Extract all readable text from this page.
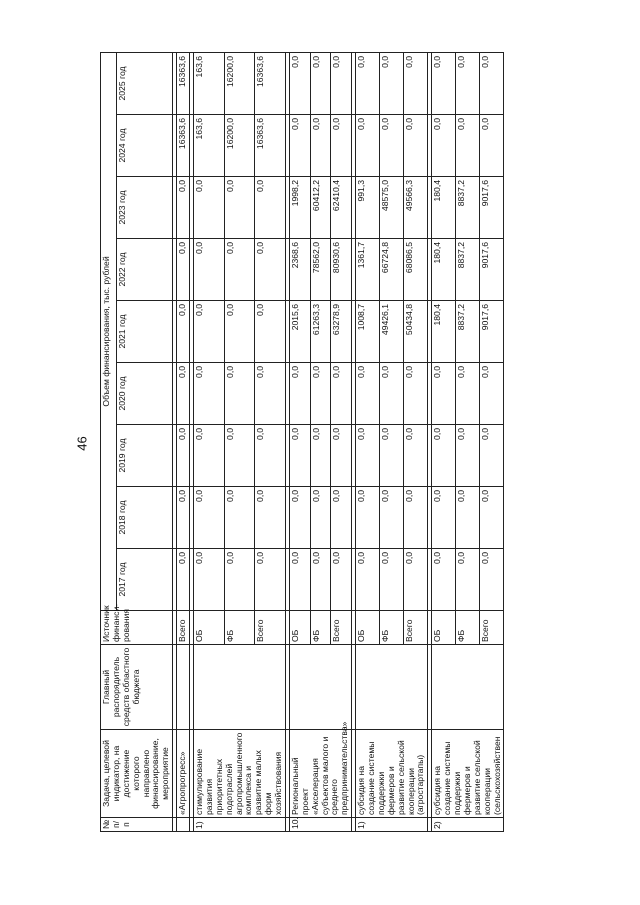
46
№ п/п	Задача, целевой индикатор, на достижение которого направлено финансирование, мероприятие	Главный распорядитель средств областного бюджета	Источник финанси-рования	Объем финансирования, тыс. рублей								
				2017 год	2018 год	2019 год	2020 год	2021 год	2022 год	2023 год	2024 год	2025 год

	«Агропрогресс»		Всего	0,0	0,0	0,0	0,0	0,0	0,0	0,0	16363,6	16363,6

1)	стимулирование развития приоритетных подотраслей агропромышленного комплекса и развитие малых форм хозяйствования		ОБ	0,0	0,0	0,0	0,0	0,0	0,0	0,0	163,6	163,6
			ФБ	0,0	0,0	0,0	0,0	0,0	0,0	0,0	16200,0	16200,0
			Всего	0,0	0,0	0,0	0,0	0,0	0,0	0,0	16363,6	16363,6

10.	Региональный проект «Акселерация субъектов малого и среднего предпринимательства»		ОБ	0,0	0,0	0,0	0,0	2015,6	2368,6	1998,2	0,0	0,0
			ФБ	0,0	0,0	0,0	0,0	61263,3	78562,0	60412,2	0,0	0,0
			Всего	0,0	0,0	0,0	0,0	63278,9	80930,6	62410,4	0,0	0,0

1)	субсидия на создание системы поддержки фермеров и развитие сельской кооперации (агростартапы)		ОБ	0,0	0,0	0,0	0,0	1008,7	1361,7	991,3	0,0	0,0
			ФБ	0,0	0,0	0,0	0,0	49426,1	66724,8	48575,0	0,0	0,0
			Всего	0,0	0,0	0,0	0,0	50434,8	68086,5	49566,3	0,0	0,0

2)	субсидия на создание системы поддержки фермеров и развитие сельской кооперации (сельскохозяйствен		ОБ	0,0	0,0	0,0	0,0	180,4	180,4	180,4	0,0	0,0
			ФБ	0,0	0,0	0,0	0,0	8837,2	8837,2	8837,2	0,0	0,0
			Всего	0,0	0,0	0,0	0,0	9017,6	9017,6	9017,6	0,0	0,0
